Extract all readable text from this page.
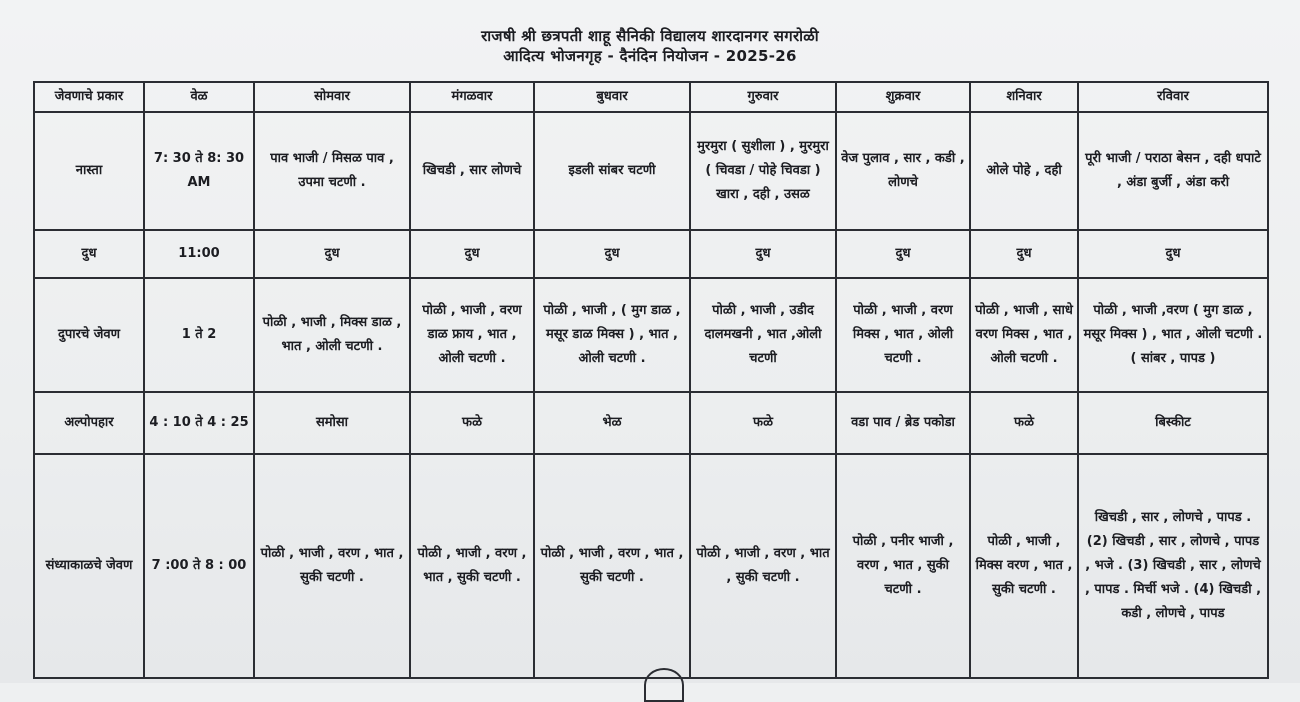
राजषी श्री छत्रपती शाहू सैनिकी विद्यालय शारदानगर सगरोळी
आदित्य भोजनगृह - दैनंदिन नियोजन - 2025-26
जेवणाचे प्रकार	वेळ	सोमवार	मंगळवार	बुधवार	गुरुवार	शुक्रवार	शनिवार	रविवार
नास्ता	7: 30 ते 8: 30 AM	पाव भाजी / मिसळ पाव , उपमा चटणी .	खिचडी , सार लोणचे	इडली सांबर चटणी	मुरमुरा ( सुशीला ) , मुरमुरा ( चिवडा / पोहे चिवडा ) खारा , दही , उसळ	वेज पुलाव , सार , कडी , लोणचे	ओले पोहे , दही	पूरी भाजी / पराठा बेसन , दही धपाटे , अंडा बुर्जी , अंडा करी
दुध	11:00	दुध	दुध	दुध	दुध	दुध	दुध	दुध
दुपारचे जेवण	1 ते 2	पोळी , भाजी , मिक्स डाळ , भात , ओली चटणी .	पोळी , भाजी , वरण डाळ फ्राय , भात , ओली चटणी .	पोळी , भाजी , ( मुग डाळ , मसूर डाळ मिक्स ) , भात , ओली चटणी .	पोळी , भाजी , उडीद दालमखनी , भात ,ओली चटणी	पोळी , भाजी , वरण मिक्स , भात , ओली चटणी .	पोळी , भाजी , साधे वरण मिक्स , भात , ओली चटणी .	पोळी , भाजी ,वरण ( मुग डाळ , मसूर मिक्स ) , भात , ओली चटणी . ( सांबर , पापड )
अल्पोपहार	4 : 10 ते 4 : 25	समोसा	फळे	भेळ	फळे	वडा पाव / ब्रेड पकोडा	फळे	बिस्कीट
संध्याकाळचे जेवण	7 :00 ते 8 : 00	पोळी , भाजी , वरण , भात , सुकी चटणी .	पोळी , भाजी , वरण , भात , सुकी चटणी .	पोळी , भाजी , वरण , भात , सुकी चटणी .	पोळी , भाजी , वरण , भात , सुकी चटणी .	पोळी , पनीर भाजी , वरण , भात , सुकी चटणी .	पोळी , भाजी , मिक्स वरण , भात , सुकी चटणी .	खिचडी , सार , लोणचे , पापड . (2) खिचडी , सार , लोणचे , पापड , भजे . (3) खिचडी , सार , लोणचे , पापड . मिर्ची भजे . (4) खिचडी , कडी , लोणचे , पापड
